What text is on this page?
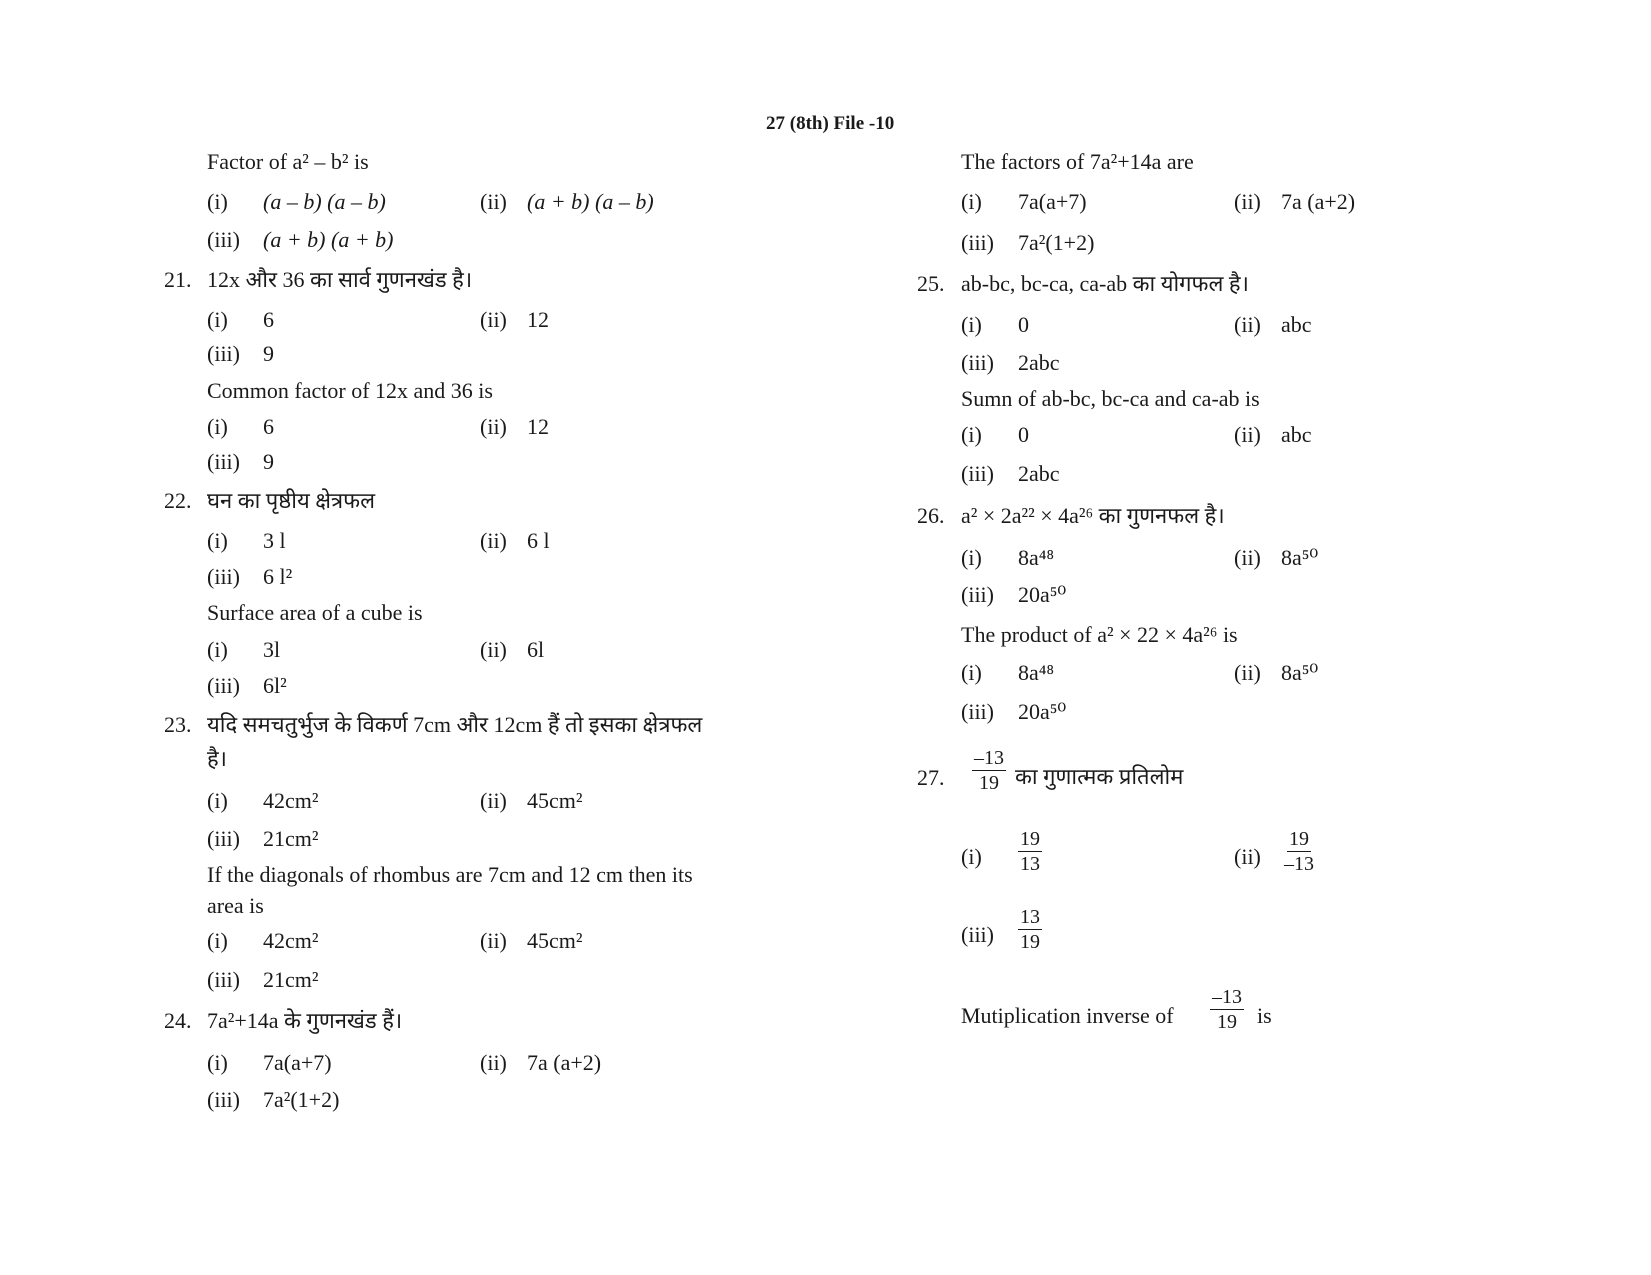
27 (8th) File -10
Factor of a² – b² is
(i) (a – b) (a – b)	(ii) (a + b) (a – b)
(iii) (a + b) (a + b)
21. 12x और 36 का सार्व गुणनखंड है।
(i) 6	(ii) 12
(iii) 9
Common factor of 12x and 36 is
(i) 6	(ii) 12
(iii) 9
22. घन का पृष्ठीय क्षेत्रफल
(i) 3 l	(ii) 6 l
(iii) 6 l²
Surface area of a cube is
(i) 3l	(ii) 6l
(iii) 6l²
23. यदि समचतुर्भुज के विकर्ण 7cm और 12cm हैं तो इसका क्षेत्रफल
है।
(i) 42cm²	(ii) 45cm²
(iii) 21cm²
If the diagonals of rhombus are 7cm and 12 cm then its
area is
(i) 42cm²	(ii) 45cm²
(iii) 21cm²
24. 7a²+14a के गुणनखंड हैं।
(i) 7a(a+7)	(ii) 7a (a+2)
(iii) 7a²(1+2)
The factors of 7a²+14a are
(i) 7a(a+7)	(ii) 7a (a+2)
(iii) 7a²(1+2)
25. ab-bc, bc-ca, ca-ab का योगफल है।
(i) 0	(ii) abc
(iii) 2abc
Sumn of ab-bc, bc-ca and ca-ab is
(i) 0	(ii) abc
(iii) 2abc
26. a² × 2a²² × 4a²⁶ का गुणनफल है।
(i) 8a⁴⁸	(ii) 8a⁵⁰
(iii) 20a⁵⁰
The product of a² × 22 × 4a²⁶ is
(i) 8a⁴⁸	(ii) 8a⁵⁰
(iii) 20a⁵⁰
27. $\frac{-13}{19}$ का गुणात्मक प्रतिलोम
$(i) \frac{19}{13}$	$(ii) \frac{19}{-13}$
$(iii) \frac{13}{19}$
Mutiplication inverse of $\frac{-13}{19}$ is
